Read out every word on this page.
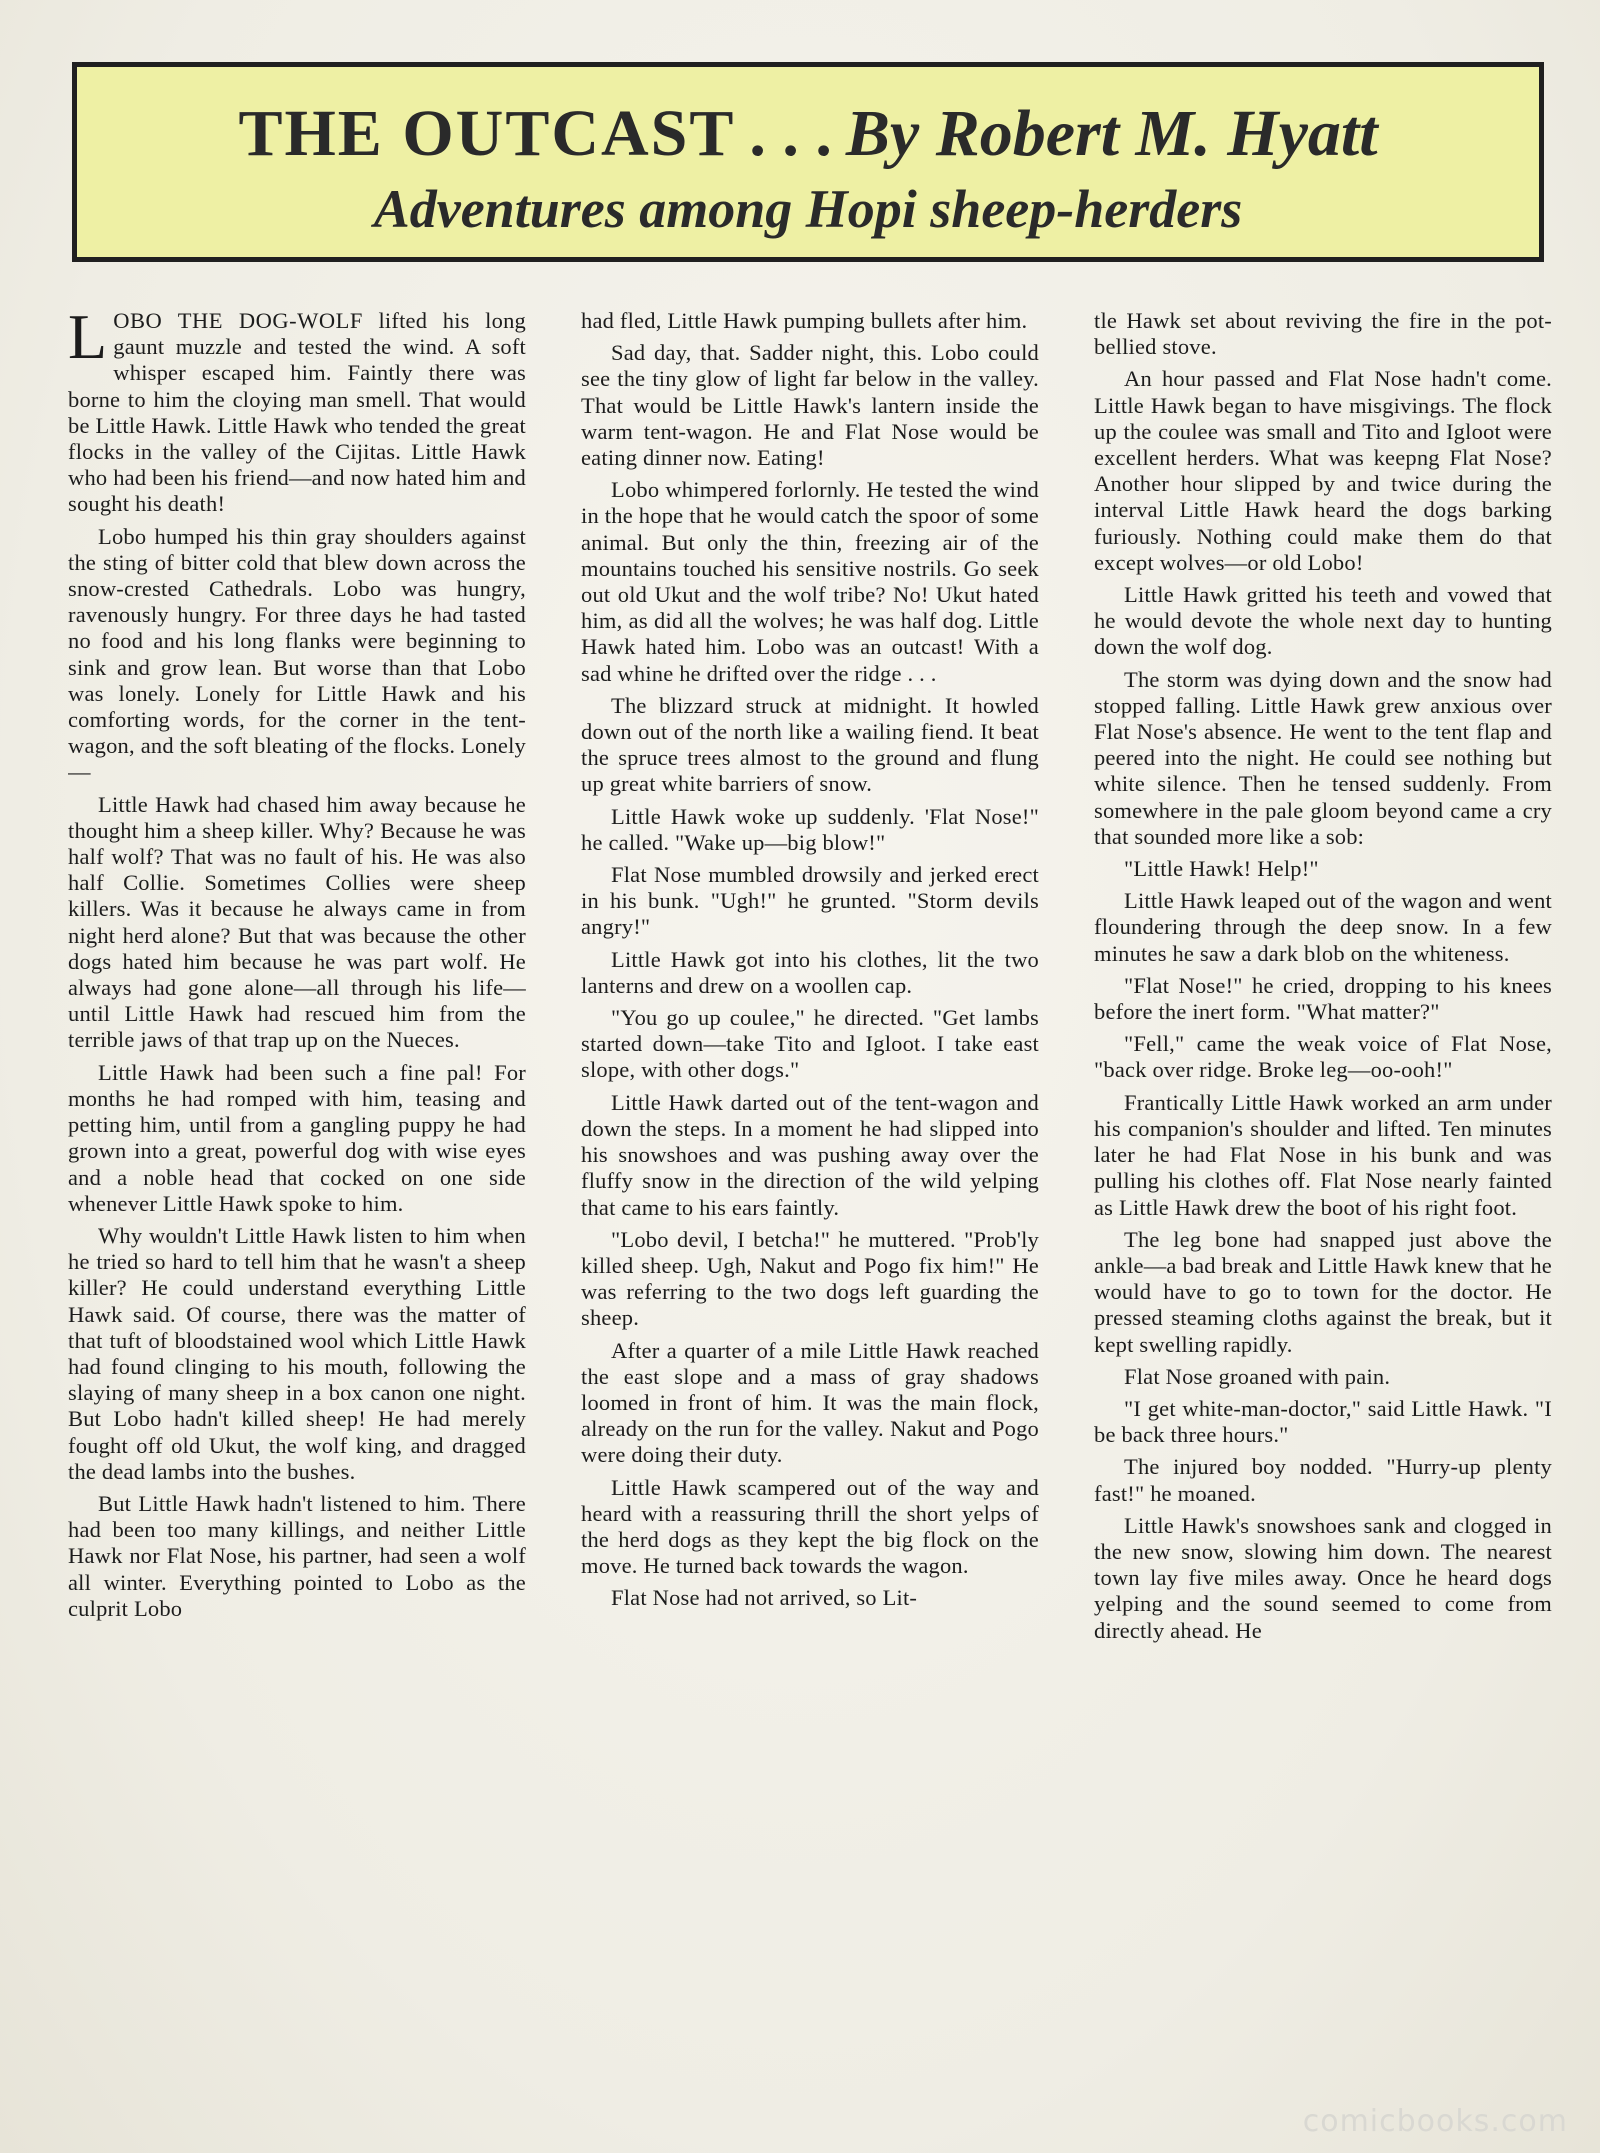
THE OUTCAST . . . By Robert M. Hyatt
Adventures among Hopi sheep-herders

LOBO THE DOG-WOLF lifted his long gaunt muzzle and tested the wind. A soft whisper escaped him. Faintly there was borne to him the cloying man smell. That would be Little Hawk. Little Hawk who tended the great flocks in the valley of the Cijitas. Little Hawk who had been his friend—and now hated him and sought his death!

Lobo humped his thin gray shoulders against the sting of bitter cold that blew down across the snow-crested Cathedrals. Lobo was hungry, ravenously hungry. For three days he had tasted no food and his long flanks were beginning to sink and grow lean. But worse than that Lobo was lonely. Lonely for Little Hawk and his comforting words, for the corner in the tent-wagon, and the soft bleating of the flocks. Lonely—

Little Hawk had chased him away because he thought him a sheep killer. Why? Because he was half wolf? That was no fault of his. He was also half Collie. Sometimes Collies were sheep killers. Was it because he always came in from night herd alone? But that was because the other dogs hated him because he was part wolf. He always had gone alone—all through his life—until Little Hawk had rescued him from the terrible jaws of that trap up on the Nueces.

Little Hawk had been such a fine pal! For months he had romped with him, teasing and petting him, until from a gangling puppy he had grown into a great, powerful dog with wise eyes and a noble head that cocked on one side whenever Little Hawk spoke to him.

Why wouldn't Little Hawk listen to him when he tried so hard to tell him that he wasn't a sheep killer? He could understand everything Little Hawk said. Of course, there was the matter of that tuft of bloodstained wool which Little Hawk had found clinging to his mouth, following the slaying of many sheep in a box canon one night. But Lobo hadn't killed sheep! He had merely fought off old Ukut, the wolf king, and dragged the dead lambs into the bushes.

But Little Hawk hadn't listened to him. There had been too many killings, and neither Little Hawk nor Flat Nose, his partner, had seen a wolf all winter. Everything pointed to Lobo as the culprit Lobo

had fled, Little Hawk pumping bullets after him.

Sad day, that. Sadder night, this. Lobo could see the tiny glow of light far below in the valley. That would be Little Hawk's lantern inside the warm tent-wagon. He and Flat Nose would be eating dinner now. Eating!

Lobo whimpered forlornly. He tested the wind in the hope that he would catch the spoor of some animal. But only the thin, freezing air of the mountains touched his sensitive nostrils. Go seek out old Ukut and the wolf tribe? No! Ukut hated him, as did all the wolves; he was half dog. Little Hawk hated him. Lobo was an outcast! With a sad whine he drifted over the ridge . . .

The blizzard struck at midnight. It howled down out of the north like a wailing fiend. It beat the spruce trees almost to the ground and flung up great white barriers of snow.

Little Hawk woke up suddenly. 'Flat Nose!" he called. "Wake up—big blow!"

Flat Nose mumbled drowsily and jerked erect in his bunk. "Ugh!" he grunted. "Storm devils angry!"

Little Hawk got into his clothes, lit the two lanterns and drew on a woollen cap.

"You go up coulee," he directed. "Get lambs started down—take Tito and Igloot. I take east slope, with other dogs."

Little Hawk darted out of the tent-wagon and down the steps. In a moment he had slipped into his snowshoes and was pushing away over the fluffy snow in the direction of the wild yelping that came to his ears faintly.

"Lobo devil, I betcha!" he muttered. "Prob'ly killed sheep. Ugh, Nakut and Pogo fix him!" He was referring to the two dogs left guarding the sheep.

After a quarter of a mile Little Hawk reached the east slope and a mass of gray shadows loomed in front of him. It was the main flock, already on the run for the valley. Nakut and Pogo were doing their duty.

Little Hawk scampered out of the way and heard with a reassuring thrill the short yelps of the herd dogs as they kept the big flock on the move. He turned back towards the wagon.

Flat Nose had not arrived, so Lit-

tle Hawk set about reviving the fire in the pot-bellied stove.

An hour passed and Flat Nose hadn't come. Little Hawk began to have misgivings. The flock up the coulee was small and Tito and Igloot were excellent herders. What was keepng Flat Nose? Another hour slipped by and twice during the interval Little Hawk heard the dogs barking furiously. Nothing could make them do that except wolves—or old Lobo!

Little Hawk gritted his teeth and vowed that he would devote the whole next day to hunting down the wolf dog.

The storm was dying down and the snow had stopped falling. Little Hawk grew anxious over Flat Nose's absence. He went to the tent flap and peered into the night. He could see nothing but white silence. Then he tensed suddenly. From somewhere in the pale gloom beyond came a cry that sounded more like a sob:

"Little Hawk! Help!"

Little Hawk leaped out of the wagon and went floundering through the deep snow. In a few minutes he saw a dark blob on the whiteness.

"Flat Nose!" he cried, dropping to his knees before the inert form. "What matter?"

"Fell," came the weak voice of Flat Nose, "back over ridge. Broke leg—oo-ooh!"

Frantically Little Hawk worked an arm under his companion's shoulder and lifted. Ten minutes later he had Flat Nose in his bunk and was pulling his clothes off. Flat Nose nearly fainted as Little Hawk drew the boot of his right foot.

The leg bone had snapped just above the ankle—a bad break and Little Hawk knew that he would have to go to town for the doctor. He pressed steaming cloths against the break, but it kept swelling rapidly.

Flat Nose groaned with pain.

"I get white-man-doctor," said Little Hawk. "I be back three hours."

The injured boy nodded. "Hurry-up plenty fast!" he moaned.

Little Hawk's snowshoes sank and clogged in the new snow, slowing him down. The nearest town lay five miles away. Once he heard dogs yelping and the sound seemed to come from directly ahead. He

comicbooks.com
